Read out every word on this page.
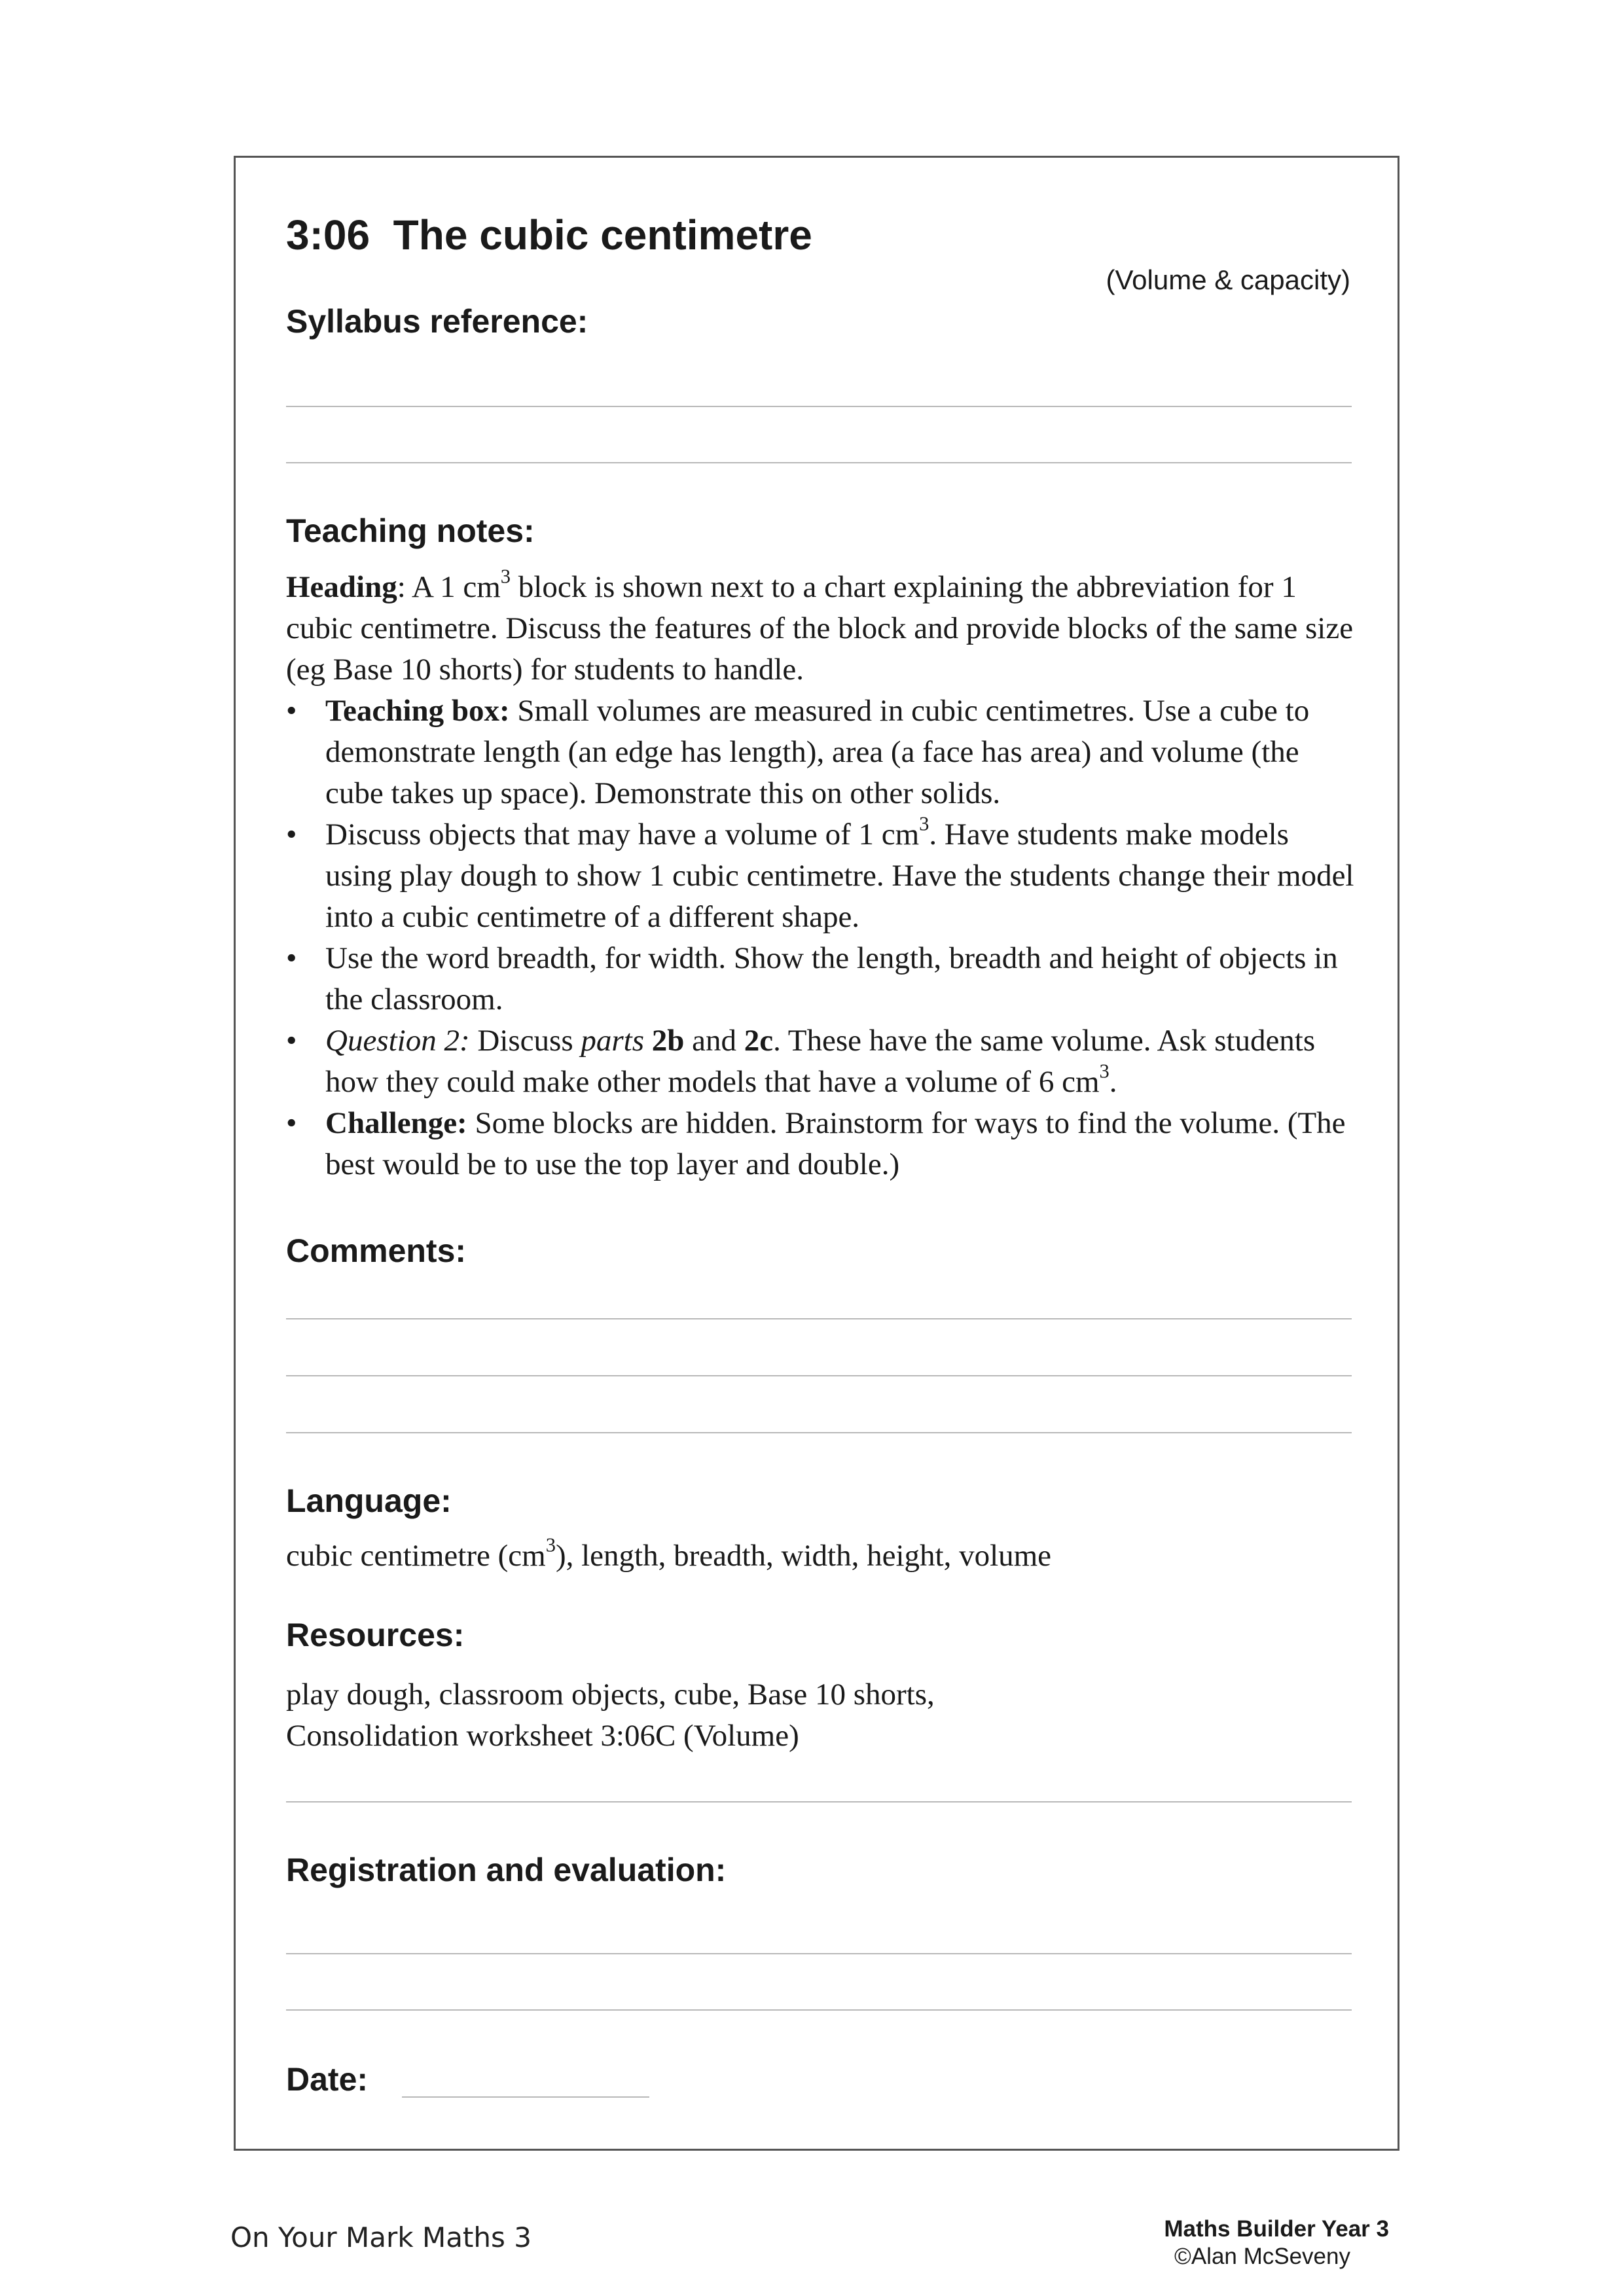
3:06  The cubic centimetre
(Volume & capacity)
Syllabus reference:
Teaching notes:
Heading: A 1 $cm^3$ block is shown next to a chart explaining the abbreviation for 1 cubic centimetre. Discuss the features of the block and provide blocks of the same size (eg Base 10 shorts) for students to handle.
• Teaching box: Small volumes are measured in cubic centimetres. Use a cube to demonstrate length (an edge has length), area (a face has area) and volume (the cube takes up space). Demonstrate this on other solids.
• Discuss objects that may have a volume of 1 $cm^3$. Have students make models using play dough to show 1 cubic centimetre. Have the students change their model into a cubic centimetre of a different shape.
• Use the word breadth, for width. Show the length, breadth and height of objects in the classroom.
• Question 2: Discuss parts 2b and 2c. These have the same volume. Ask students how they could make other models that have a volume of 6 $cm^3$.
• Challenge: Some blocks are hidden. Brainstorm for ways to find the volume. (The best would be to use the top layer and double.)
Comments:
Language:
cubic centimetre $(cm^3)$, length, breadth, width, height, volume
Resources:
play dough, classroom objects, cube, Base 10 shorts,
Consolidation worksheet 3:06C (Volume)
Registration and evaluation:
Date:
On Your Mark Maths 3	Maths Builder Year 3
©Alan McSeveny
